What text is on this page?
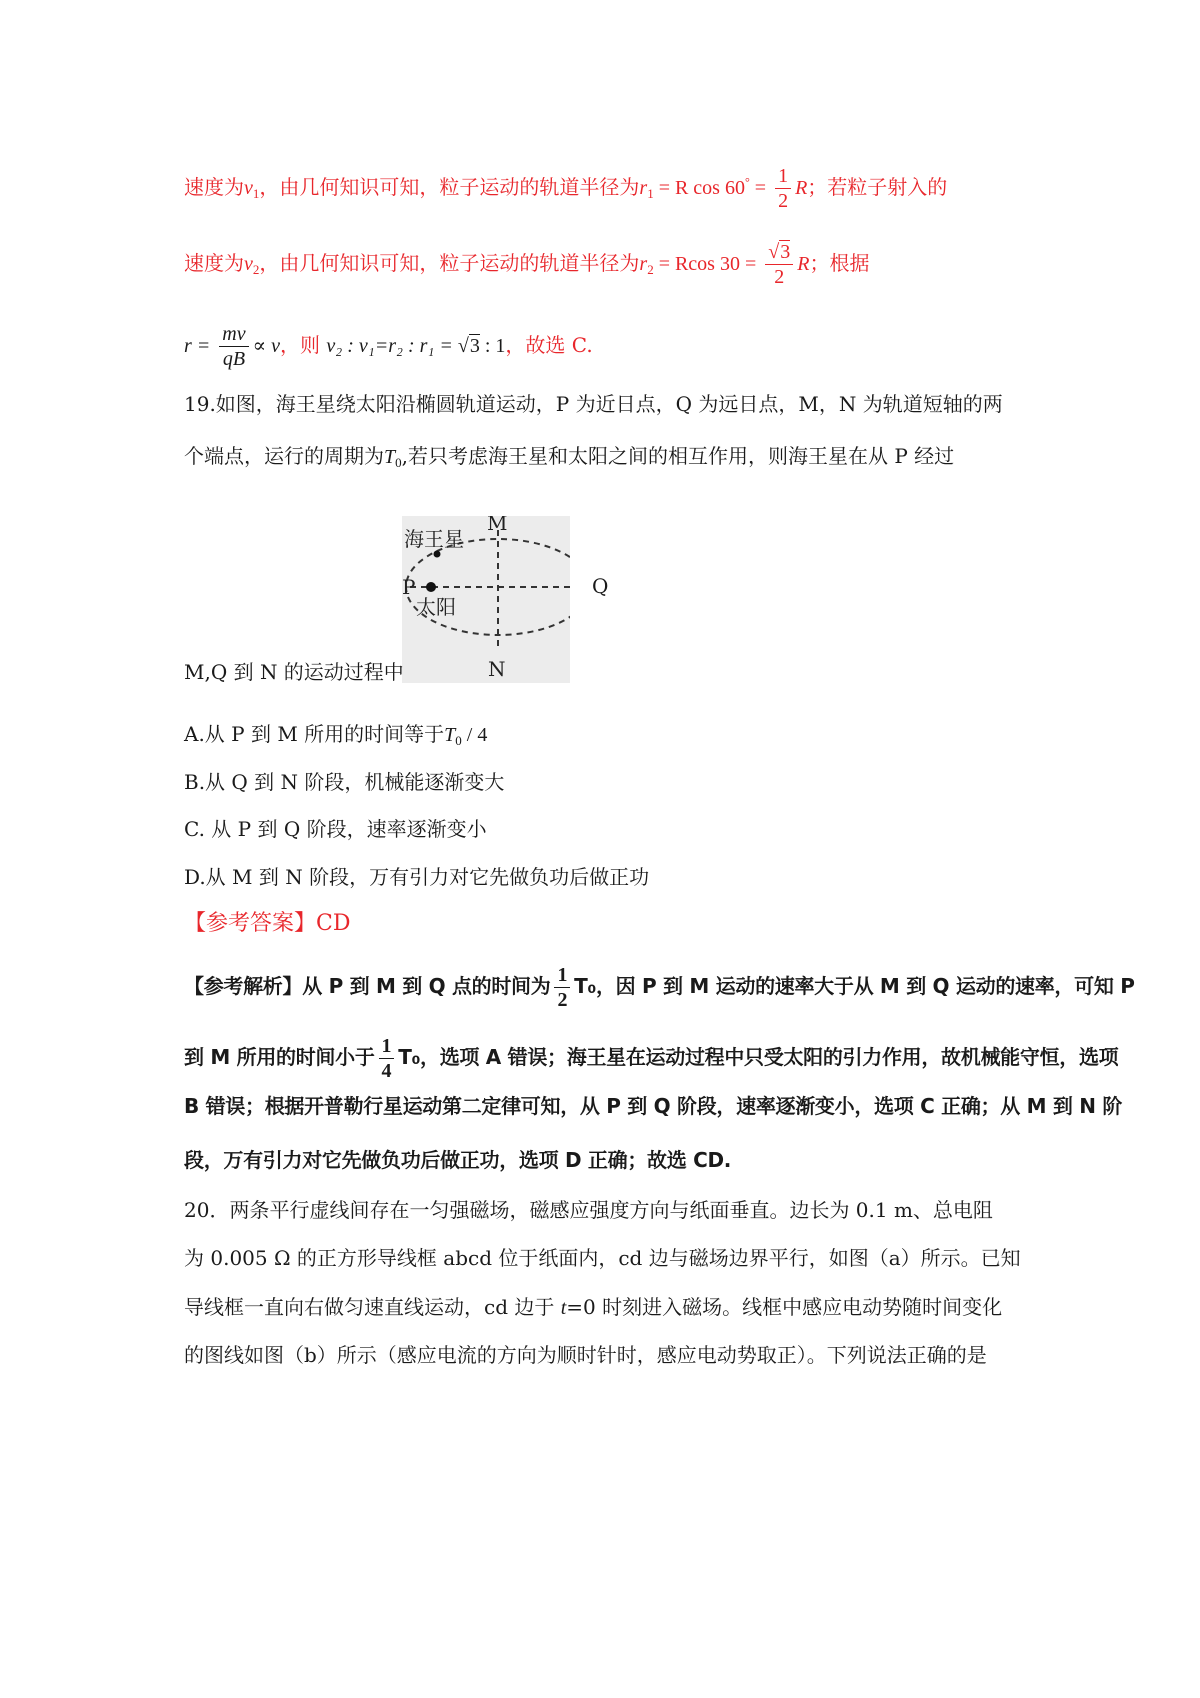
速度为$v_1$，由几何知识可知，粒子运动的轨道半径为$r_1 = R$ $\cos 60^\circ = \frac{1}{2}$ R；若粒子射入的
速度为$v_2$，由几何知识可知，粒子运动的轨道半径为$r_2 = Rcos$ $30 = \frac{√3}{2}$ R；根据
$r = \frac{mv}{qB} \propto v$，则 v₂ : v₁=r₂ : r₁ = √3 : 1，故选 C.
19.如图，海王星绕太阳沿椭圆轨道运动，P 为近日点，Q 为远日点，M，N 为轨道短轴的两
个端点，运行的周期为$T_0$,若只考虑海王星和太阳之间的相互作用，则海王星在从 P 经过
海王星
太阳
M
N
P	Q
M,Q 到 N 的运动过程中
A.从 P 到 M 所用的时间等于$T_0 / 4$
B.从 Q 到 N 阶段，机械能逐渐变大
C. 从 P 到 Q 阶段，速率逐渐变小
D.从 M 到 N 阶段，万有引力对它先做负功后做正功
【参考答案】CD
【参考解析】从 P 到 M 到 Q 点的时间为 $\frac{1}{2} T_0$，因 P 到 M 运动的速率大于从 M 到 Q 运动的速率，可知 P
到 M 所用的时间小于 $\frac{1}{4} T_0$，选项 A 错误；海王星在运动过程中只受太阳的引力作用，故机械能守恒，选项
B 错误；根据开普勒行星运动第二定律可知，从 P 到 Q 阶段，速率逐渐变小，选项 C 正确；从 M 到 N 阶
段，万有引力对它先做负功后做正功，选项 D 正确；故选 CD.
20．两条平行虚线间存在一匀强磁场，磁感应强度方向与纸面垂直。边长为 0.1 m、总电阻
为 0.005 Ω 的正方形导线框 abcd 位于纸面内，cd 边与磁场边界平行，如图（a）所示。已知
导线框一直向右做匀速直线运动，cd 边于 t=0 时刻进入磁场。线框中感应电动势随时间变化
的图线如图（b）所示（感应电流的方向为顺时针时，感应电动势取正）。下列说法正确的是
